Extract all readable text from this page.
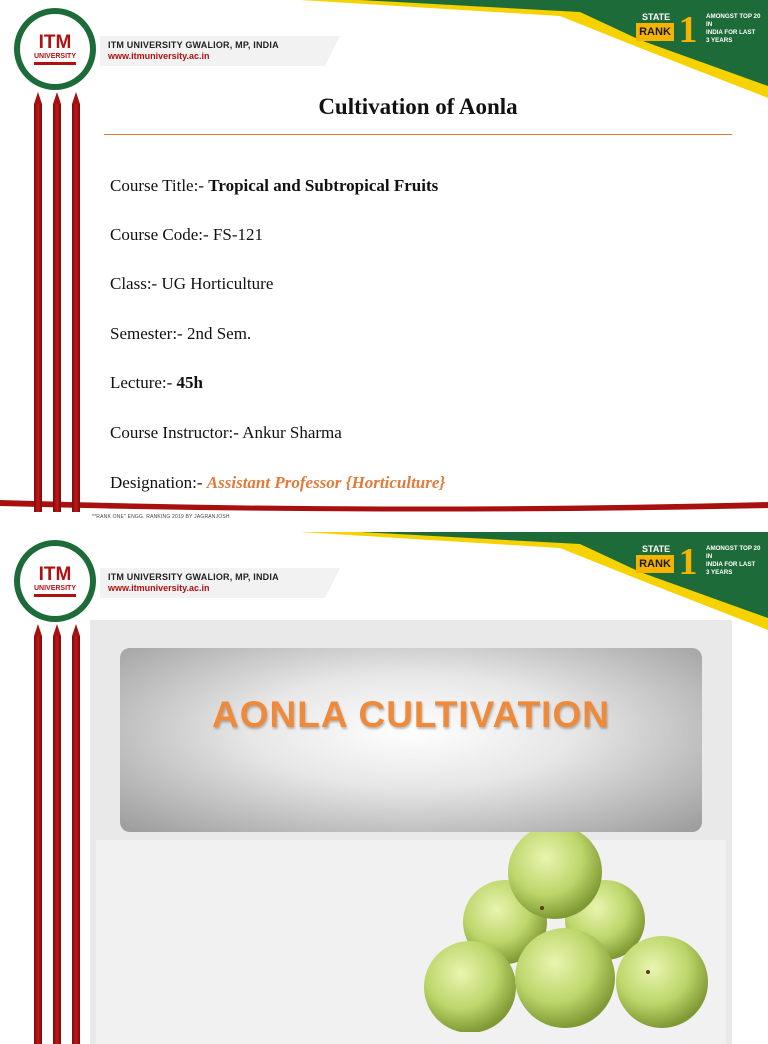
ITM
UNIVERSITY
ITM UNIVERSITY GWALIOR, MP, INDIA
www.itmuniversity.ac.in
STATE
RANK 1 AMONGST TOP 20 IN
INDIA FOR LAST
3 YEARS
Cultivation of Aonla
Course Title:- Tropical and Subtropical Fruits
Course Code:- FS-121
Class:- UG Horticulture
Semester:- 2nd Sem.
Lecture:- 45h
Course Instructor:- Ankur Sharma
Designation:- Assistant Professor {Horticulture}
**RANK ONE" ENGG. RANKING 2019 BY JAGRANJOSH
ITM
UNIVERSITY
ITM UNIVERSITY GWALIOR, MP, INDIA
www.itmuniversity.ac.in
STATE
RANK 1 AMONGST TOP 20 IN
INDIA FOR LAST
3 YEARS
AONLA CULTIVATION
